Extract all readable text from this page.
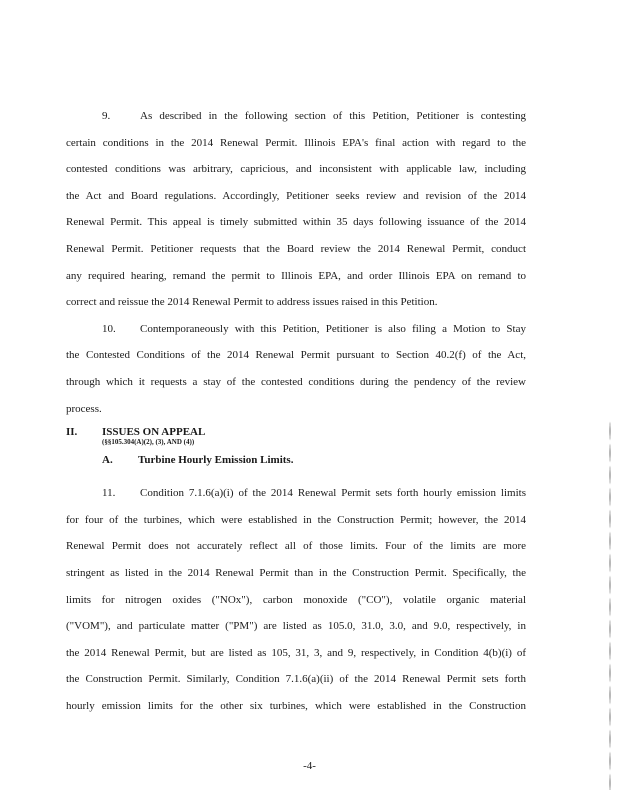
9.	As described in the following section of this Petition, Petitioner is contesting
certain conditions in the 2014 Renewal Permit. Illinois EPA's final action with regard to the
contested conditions was arbitrary, capricious, and inconsistent with applicable law, including
the Act and Board regulations. Accordingly, Petitioner seeks review and revision of the 2014
Renewal Permit. This appeal is timely submitted within 35 days following issuance of the 2014
Renewal Permit. Petitioner requests that the Board review the 2014 Renewal Permit, conduct
any required hearing, remand the permit to Illinois EPA, and order Illinois EPA on remand to
correct and reissue the 2014 Renewal Permit to address issues raised in this Petition.
10. Contemporaneously with this Petition, Petitioner is also filing a Motion to Stay
the Contested Conditions of the 2014 Renewal Permit pursuant to Section 40.2(f) of the Act,
through which it requests a stay of the contested conditions during the pendency of the review
process.
II. ISSUES ON APPEAL
(§§105.304(A)(2), (3), AND (4))
A. Turbine Hourly Emission Limits.
11. Condition 7.1.6(a)(i) of the 2014 Renewal Permit sets forth hourly emission limits
for four of the turbines, which were established in the Construction Permit; however, the 2014
Renewal Permit does not accurately reflect all of those limits. Four of the limits are more
stringent as listed in the 2014 Renewal Permit than in the Construction Permit. Specifically, the
limits for nitrogen oxides ("NOx"), carbon monoxide ("CO"), volatile organic material
("VOM"), and particulate matter ("PM") are listed as 105.0, 31.0, 3.0, and 9.0, respectively, in
the 2014 Renewal Permit, but are listed as 105, 31, 3, and 9, respectively, in Condition 4(b)(i) of
the Construction Permit. Similarly, Condition 7.1.6(a)(ii) of the 2014 Renewal Permit sets forth
hourly emission limits for the other six turbines, which were established in the Construction
-4-
